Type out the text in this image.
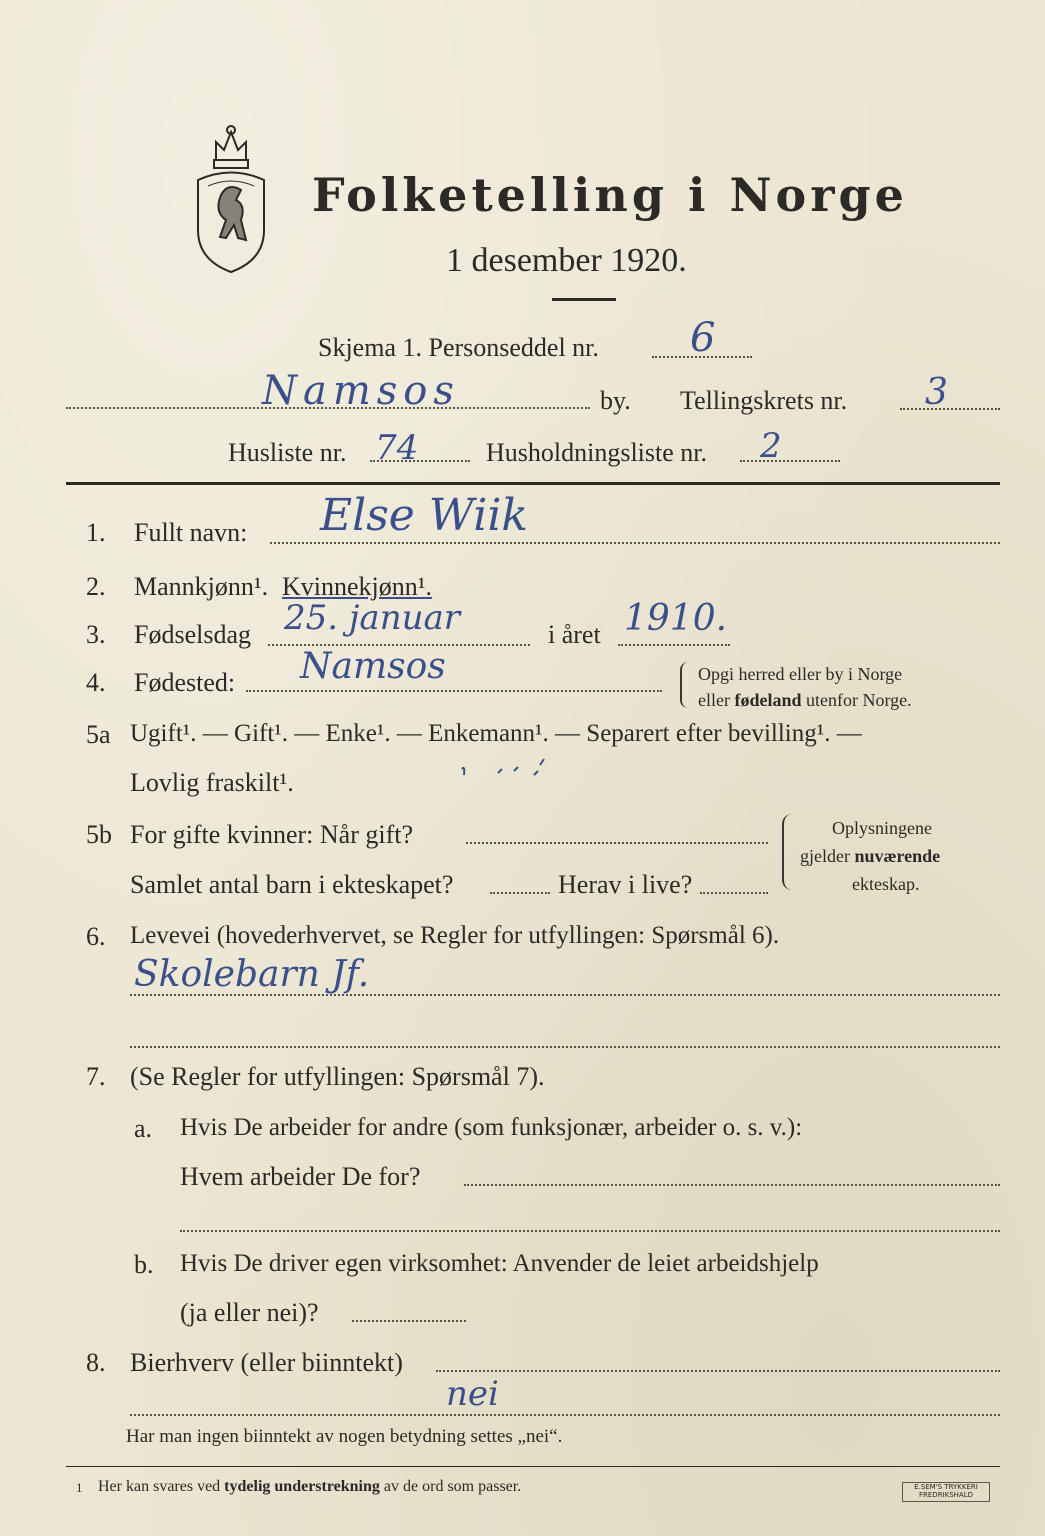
Folketelling i Norge
1 desember 1920.
Skjema 1. Personseddel nr. 6
Namsos	by. Tellingskrets nr. 3
Husliste nr. 74	Husholdningsliste nr. 2
1. Fullt navn: Else Wiik
2. Mannkjønn¹. Kvinnekjønn¹.
3. Fødselsdag 25. januar	i året 1910.
4. Fødested: Namsos	Opgi herred eller by i Norge
eller fødeland utenfor Norge.
5a Ugift¹. — Gift¹. — Enke¹. — Enkemann¹. — Separert efter bevilling¹. —
Lovlig fraskilt¹.
5b For gifte kvinner: Når gift?
Samlet antal barn i ekteskapet?	Herav i live?
Oplysningene
gjelder nuværende
ekteskap.
6. Levevei (hovederhvervet, se Regler for utfyllingen: Spørsmål 6).
Skolebarn Jf.
7. (Se Regler for utfyllingen: Spørsmål 7).
a. Hvis De arbeider for andre (som funksjonær, arbeider o. s. v.):
Hvem arbeider De for?
b. Hvis De driver egen virksomhet: Anvender de leiet arbeidshjelp
(ja eller nei)?
8. Bierhverv (eller biinntekt)
nei
Har man ingen biinntekt av nogen betydning settes „nei“.
1 Her kan svares ved tydelig understrekning av de ord som passer.	E.SEM'S TRYKKERI
FREDRIKSHALD
